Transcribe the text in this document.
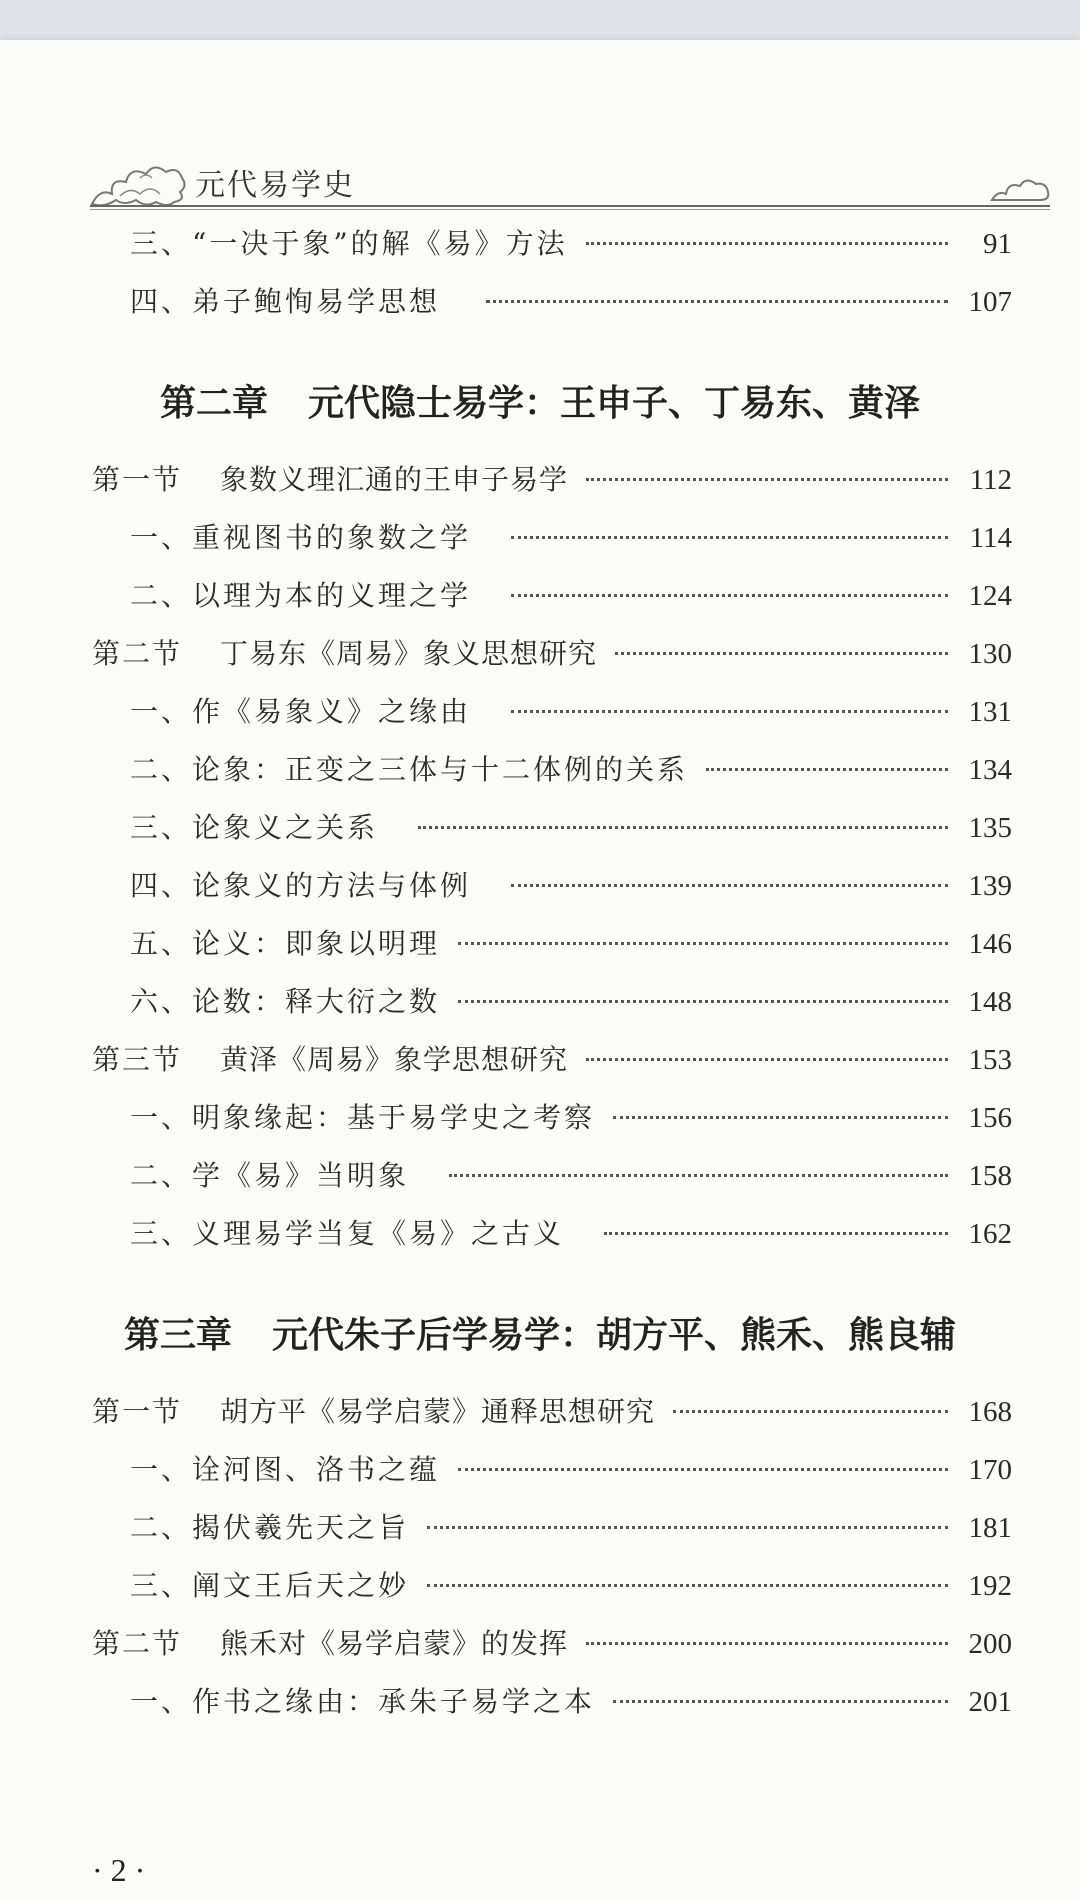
元代易学史
三、“一决于象”的解《易》方法	91
四、弟子鲍恂易学思想	107
第二章 元代隐士易学：王申子、丁易东、黄泽
第一节 象数义理汇通的王申子易学	112
一、重视图书的象数之学	114
二、以理为本的义理之学	124
第二节 丁易东《周易》象义思想研究	130
一、作《易象义》之缘由	131
二、论象：正变之三体与十二体例的关系	134
三、论象义之关系	135
四、论象义的方法与体例	139
五、论义：即象以明理	146
六、论数：释大衍之数	148
第三节 黄泽《周易》象学思想研究	153
一、明象缘起：基于易学史之考察	156
二、学《易》当明象	158
三、义理易学当复《易》之古义	162
第三章 元代朱子后学易学：胡方平、熊禾、熊良辅
第一节 胡方平《易学启蒙》通释思想研究	168
一、诠河图、洛书之蕴	170
二、揭伏羲先天之旨	181
三、阐文王后天之妙	192
第二节 熊禾对《易学启蒙》的发挥	200
一、作书之缘由：承朱子易学之本	201
· 2 ·
